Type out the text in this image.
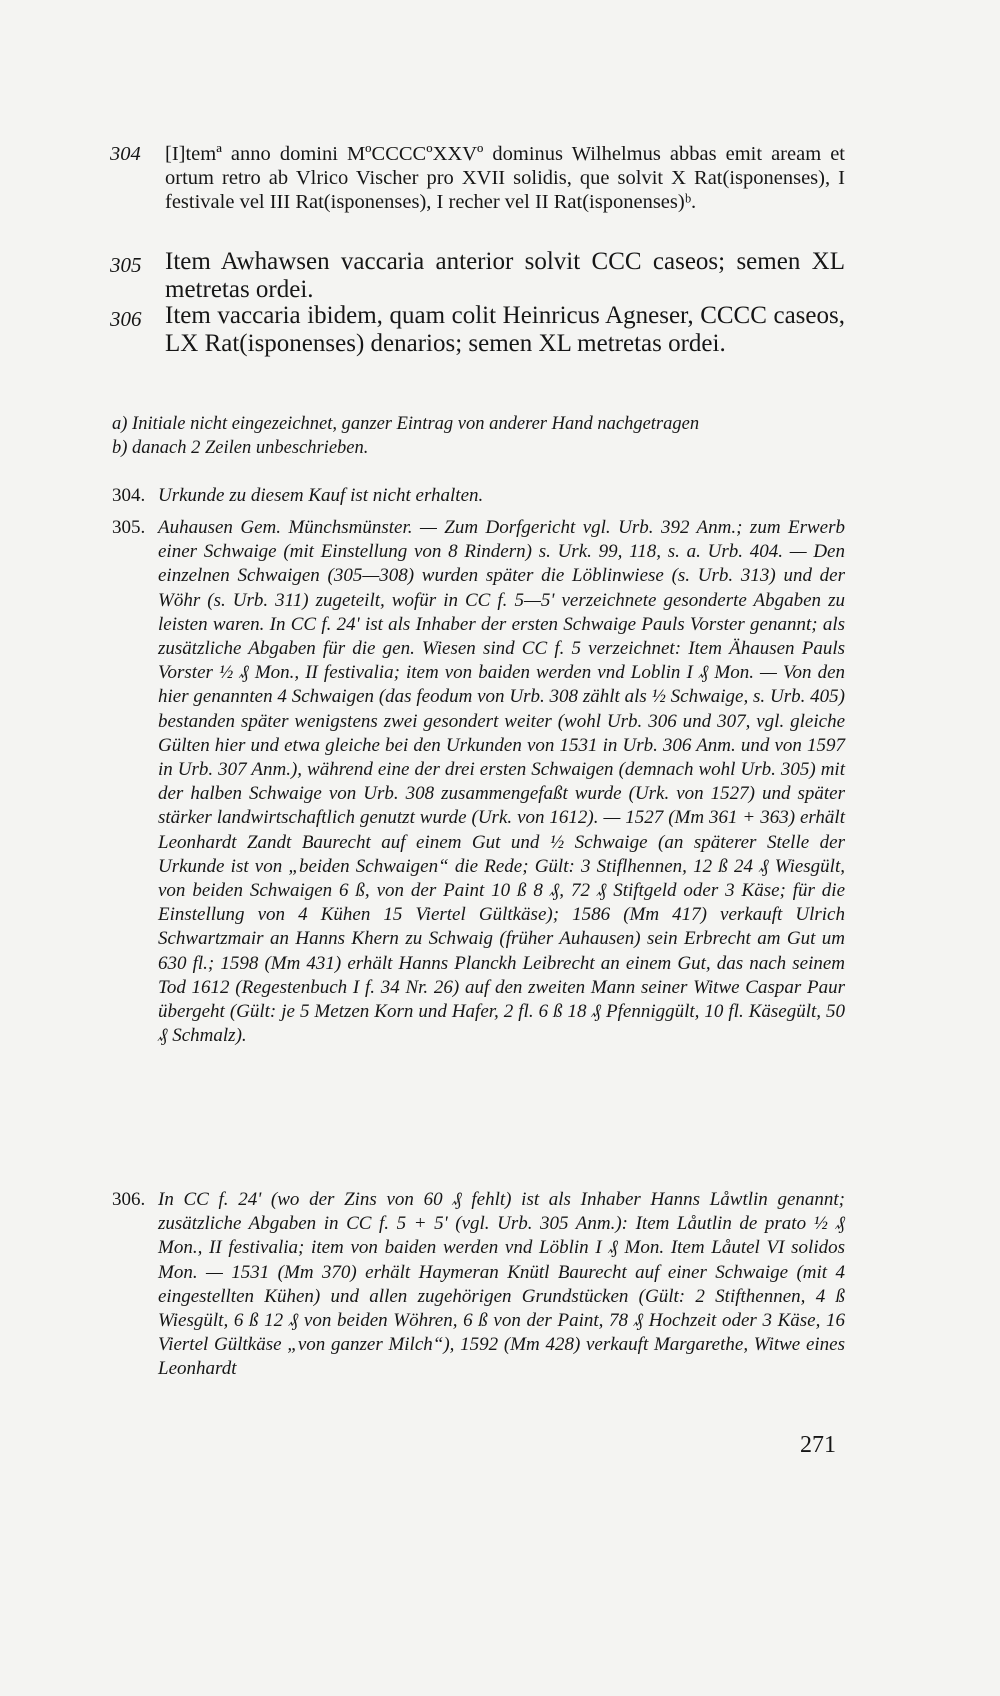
304	[I]temª anno domini MºCCCCºXXVº dominus Wilhelmus abbas emit aream et ortum retro ab Vlrico Vischer pro XVII solidis, que solvit X Rat(isponenses), I festivale vel III Rat(isponenses), I recher vel II Rat(isponenses)ᵇ.
305 Item Awhawsen vaccaria anterior solvit CCC caseos; semen XL metretas ordei.
306 Item vaccaria ibidem, quam colit Heinricus Agneser, CCCC caseos, LX Rat(isponenses) denarios; semen XL metretas ordei.
a) Initiale nicht eingezeichnet, ganzer Eintrag von anderer Hand nachgetragen
b) danach 2 Zeilen unbeschrieben.
304. Urkunde zu diesem Kauf ist nicht erhalten.
305. Auhausen Gem. Münchsmünster. — Zum Dorfgericht vgl. Urb. 392 Anm.; zum Erwerb einer Schwaige (mit Einstellung von 8 Rindern) s. Urk. 99, 118, s. a. Urb. 404. — Den einzelnen Schwaigen (305—308) wurden später die Löblinwiese (s. Urb. 313) und der Wöhr (s. Urb. 311) zugeteilt, wofür in CC f. 5—5' verzeichnete gesonderte Abgaben zu leisten waren. In CC f. 24' ist als Inhaber der ersten Schwaige Pauls Vorster genannt; als zusätzliche Abgaben für die gen. Wiesen sind CC f. 5 verzeichnet: Item Ähausen Pauls Vorster ½ ₰ Mon., II festivalia; item von baiden werden vnd Loblin I ₰ Mon. — Von den hier genannten 4 Schwaigen (das feodum von Urb. 308 zählt als ½ Schwaige, s. Urb. 405) bestanden später wenigstens zwei gesondert weiter (wohl Urb. 306 und 307, vgl. gleiche Gülten hier und etwa gleiche bei den Urkunden von 1531 in Urb. 306 Anm. und von 1597 in Urb. 307 Anm.), während eine der drei ersten Schwaigen (demnach wohl Urb. 305) mit der halben Schwaige von Urb. 308 zusammengefaßt wurde (Urk. von 1527) und später stärker landwirtschaftlich genutzt wurde (Urk. von 1612). — 1527 (Mm 361 + 363) erhält Leonhardt Zandt Baurecht auf einem Gut und ½ Schwaige (an späterer Stelle der Urkunde ist von „beiden Schwaigen“ die Rede; Gült: 3 Stiflhennen, 12 ß 24 ₰ Wiesgült, von beiden Schwaigen 6 ß, von der Paint 10 ß 8 ₰, 72 ₰ Stiftgeld oder 3 Käse; für die Einstellung von 4 Kühen 15 Viertel Gültkäse); 1586 (Mm 417) verkauft Ulrich Schwartzmair an Hanns Khern zu Schwaig (früher Auhausen) sein Erbrecht am Gut um 630 fl.; 1598 (Mm 431) erhält Hanns Planckh Leibrecht an einem Gut, das nach seinem Tod 1612 (Regestenbuch I f. 34 Nr. 26) auf den zweiten Mann seiner Witwe Caspar Paur übergeht (Gült: je 5 Metzen Korn und Hafer, 2 fl. 6 ß 18 ₰ Pfenniggült, 10 fl. Käsegült, 50 ₰ Schmalz).
306. In CC f. 24' (wo der Zins von 60 ₰ fehlt) ist als Inhaber Hanns Låwtlin genannt; zusätzliche Abgaben in CC f. 5 + 5' (vgl. Urb. 305 Anm.): Item Låutlin de prato ½ ₰ Mon., II festivalia; item von baiden werden vnd Löblin I ₰ Mon. Item Låutel VI solidos Mon. — 1531 (Mm 370) erhält Haymeran Knütl Baurecht auf einer Schwaige (mit 4 eingestellten Kühen) und allen zugehörigen Grundstücken (Gült: 2 Stifthennen, 4 ß Wiesgült, 6 ß 12 ₰ von beiden Wöhren, 6 ß von der Paint, 78 ₰ Hochzeit oder 3 Käse, 16 Viertel Gültkäse „von ganzer Milch“), 1592 (Mm 428) verkauft Margarethe, Witwe eines Leonhardt
271
